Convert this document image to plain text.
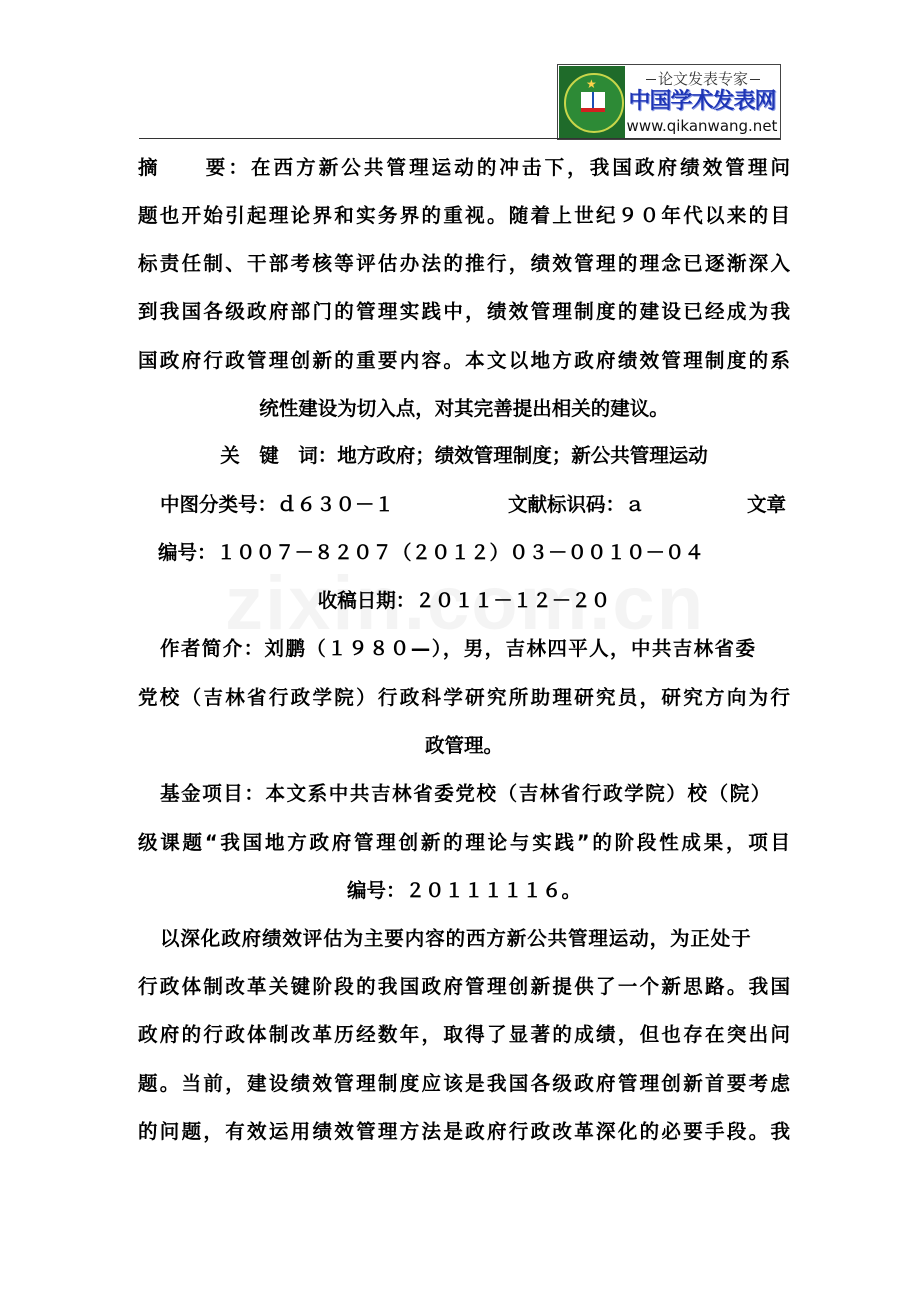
★	论文发表专家
中国学术发表网
www.qikanwang.net
摘　　要：在西方新公共管理运动的冲击下，我国政府绩效管理问
题也开始引起理论界和实务界的重视。随着上世纪９０年代以来的目
标责任制、干部考核等评估办法的推行，绩效管理的理念已逐渐深入
到我国各级政府部门的管理实践中，绩效管理制度的建设已经成为我
国政府行政管理创新的重要内容。本文以地方政府绩效管理制度的系
统性建设为切入点，对其完善提出相关的建议。
关　键　词：地方政府；绩效管理制度；新公共管理运动
中图分类号：ｄ６３０－１	文献标识码：ａ	文章
编号：１００７－８２０７（２０１２）０３－００１０－０４
收稿日期：２０１１－１２－２０
作者简介：刘鹏（１９８０—），男，吉林四平人，中共吉林省委
党校（吉林省行政学院）行政科学研究所助理研究员，研究方向为行
政管理。
基金项目：本文系中共吉林省委党校（吉林省行政学院）校（院）
级课题“我国地方政府管理创新的理论与实践”的阶段性成果，项目
编号：２０１１１１１６。
以深化政府绩效评估为主要内容的西方新公共管理运动，为正处于
行政体制改革关键阶段的我国政府管理创新提供了一个新思路。我国
政府的行政体制改革历经数年，取得了显著的成绩，但也存在突出问
题。当前，建设绩效管理制度应该是我国各级政府管理创新首要考虑
的问题，有效运用绩效管理方法是政府行政改革深化的必要手段。我
